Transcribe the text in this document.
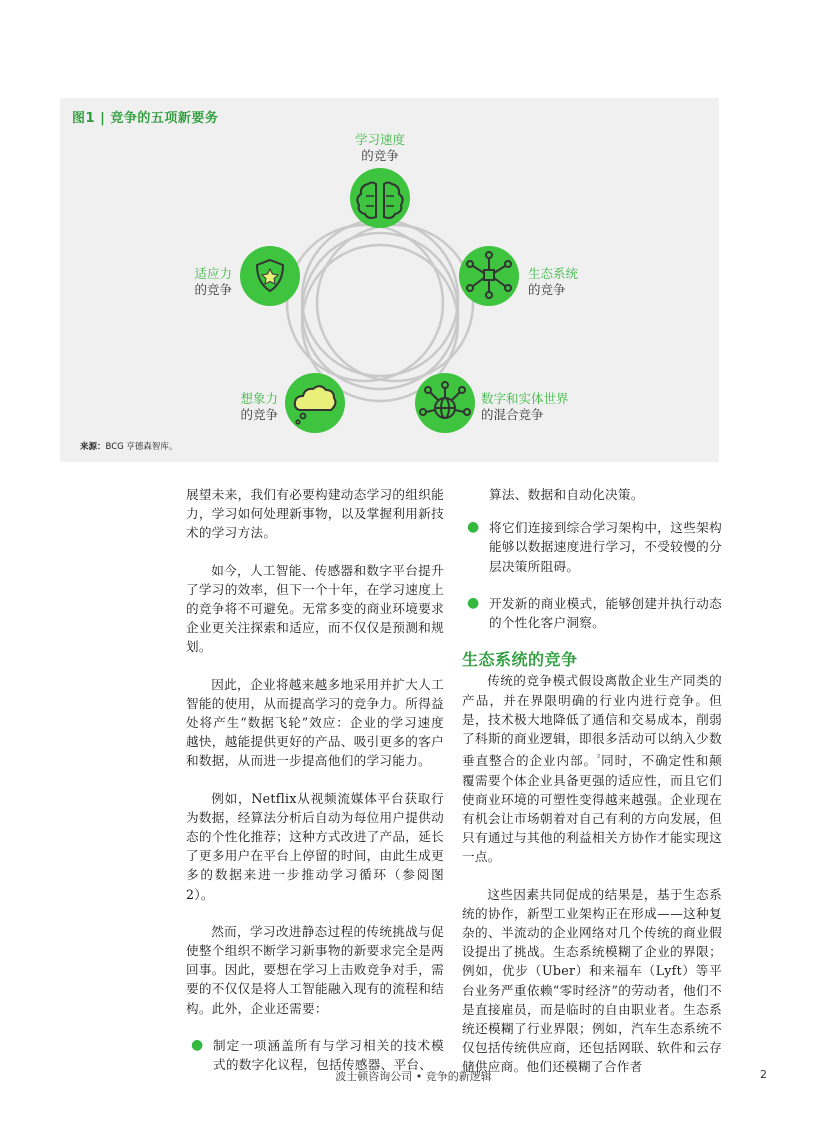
图1 | 竞争的五项新要务
学习速度
的竞争
生态系统
的竞争
数字和实体世界
的混合竞争
想象力
的竞争
适应力
的竞争
来源：BCG 亨德森智库。

展望未来，我们有必要构建动态学习的组织能力，学习如何处理新事物，以及掌握利用新技术的学习方法。

如今，人工智能、传感器和数字平台提升了学习的效率，但下一个十年，在学习速度上的竞争将不可避免。无常多变的商业环境要求企业更关注探索和适应，而不仅仅是预测和规划。

因此，企业将越来越多地采用并扩大人工智能的使用，从而提高学习的竞争力。所得益处将产生“数据飞轮”效应：企业的学习速度越快，越能提供更好的产品、吸引更多的客户和数据，从而进一步提高他们的学习能力。

例如，Netflix从视频流媒体平台获取行为数据，经算法分析后自动为每位用户提供动态的个性化推荐；这种方式改进了产品，延长了更多用户在平台上停留的时间，由此生成更多的数据来进一步推动学习循环（参阅图2）。

然而，学习改进静态过程的传统挑战与促使整个组织不断学习新事物的新要求完全是两回事。因此，要想在学习上击败竞争对手，需要的不仅仅是将人工智能融入现有的流程和结构。此外，企业还需要：

● 制定一项涵盖所有与学习相关的技术模式的数字化议程，包括传感器、平台、
算法、数据和自动化决策。
● 将它们连接到综合学习架构中，这些架构能够以数据速度进行学习，不受较慢的分层决策所阻碍。
● 开发新的商业模式，能够创建并执行动态的个性化客户洞察。
生态系统的竞争

传统的竞争模式假设离散企业生产同类的产品，并在界限明确的行业内进行竞争。但是，技术极大地降低了通信和交易成本，削弱了科斯的商业逻辑，即很多活动可以纳入少数垂直整合的企业内部。$^{^2}$同时，不确定性和颠覆需要个体企业具备更强的适应性，而且它们使商业环境的可塑性变得越来越强。企业现在有机会让市场朝着对自己有利的方向发展，但只有通过与其他的利益相关方协作才能实现这一点。

这些因素共同促成的结果是，基于生态系统的协作，新型工业架构正在形成——这种复杂的、半流动的企业网络对几个传统的商业假设提出了挑战。生态系统模糊了企业的界限；例如，优步（Uber）和来福车（Lyft）等平台业务严重依赖“零时经济”的劳动者，他们不是直接雇员，而是临时的自由职业者。生态系统还模糊了行业界限；例如，汽车生态系统不仅包括传统供应商，还包括网联、软件和云存储供应商。他们还模糊了合作者

波士顿咨询公司 • 竞争的新逻辑	2
